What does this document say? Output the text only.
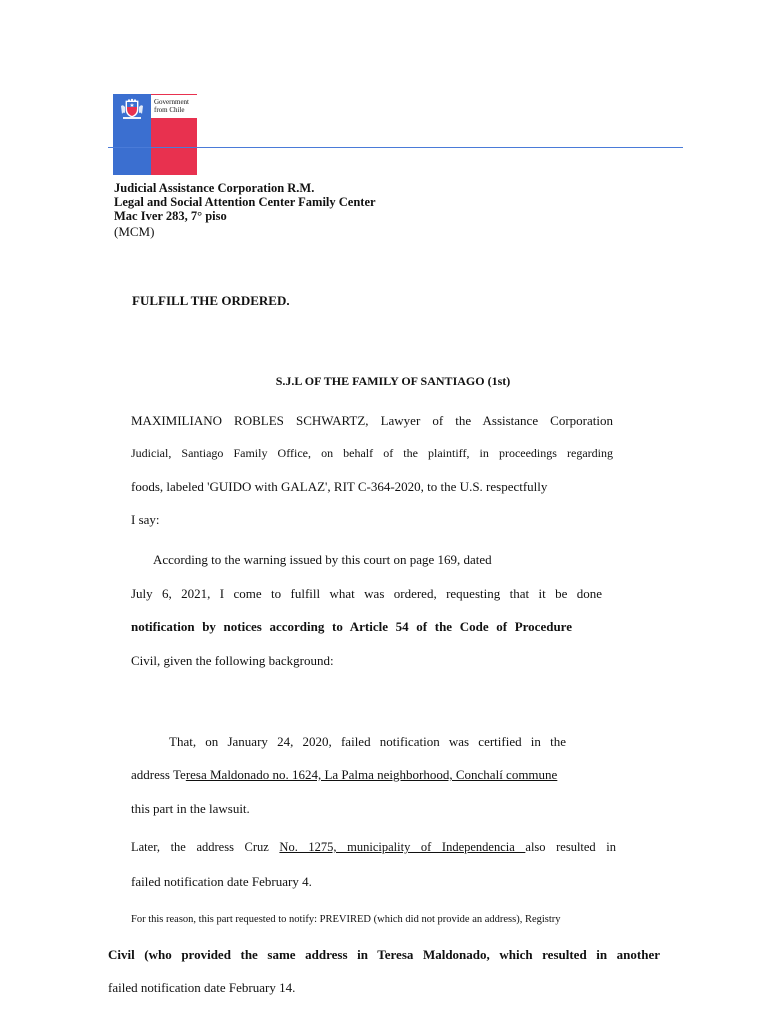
Government from Chile
Judicial Assistance Corporation R.M.
Legal and Social Attention Center Family Center
Mac Iver 283, 7° piso
(MCM)
FULFILL THE ORDERED.
S.J.L OF THE FAMILY OF SANTIAGO (1st)
MAXIMILIANO ROBLES SCHWARTZ, Lawyer of the Assistance Corporation
Judicial, Santiago Family Office, on behalf of the plaintiff, in proceedings regarding
foods, labeled 'GUIDO with GALAZ', RIT C-364-2020, to the U.S. respectfully
I say:
According to the warning issued by this court on page 169, dated
July 6, 2021, I come to fulfill what was ordered, requesting that it be done
notification by notices according to Article 54 of the Code of Procedure
Civil, given the following background:
That, on January 24, 2020, failed notification was certified in the
address Teresa Maldonado no. 1624, La Palma neighborhood, Conchalí commune
this part in the lawsuit.
Later, the address Cruz No. 1275, municipality of Independencia also resulted in
failed notification date February 4.
For this reason, this part requested to notify: PREVIRED (which did not provide an address), Registry
Civil (who provided the same address in Teresa Maldonado, which resulted in another
failed notification date February 14.
